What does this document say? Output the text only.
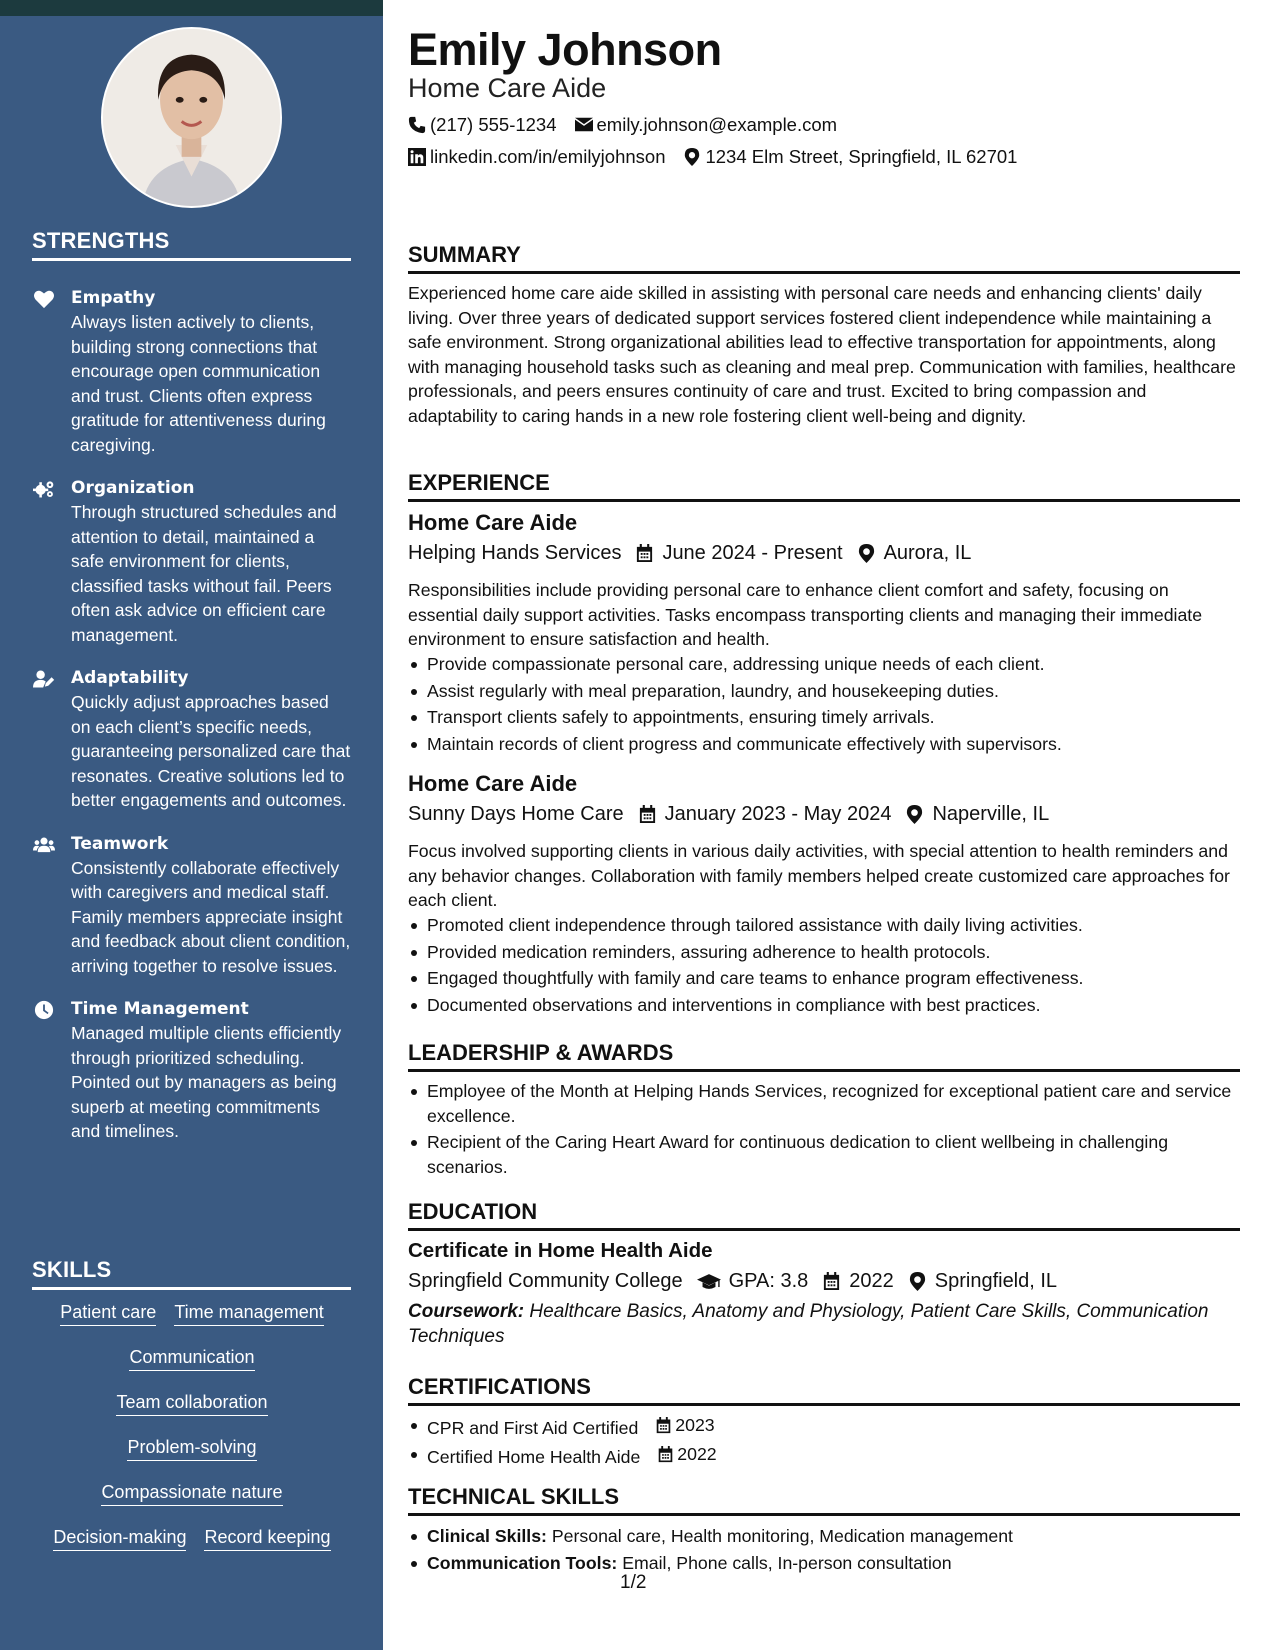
STRENGTHS
Empathy
Always listen actively to clients, building strong connections that encourage open communication and trust. Clients often express gratitude for attentiveness during caregiving.
Organization
Through structured schedules and attention to detail, maintained a safe environment for clients, classified tasks without fail. Peers often ask advice on efficient care management.
Adaptability
Quickly adjust approaches based on each client’s specific needs, guaranteeing personalized care that resonates. Creative solutions led to better engagements and outcomes.
Teamwork
Consistently collaborate effectively with caregivers and medical staff. Family members appreciate insight and feedback about client condition, arriving together to resolve issues.
Time Management
Managed multiple clients efficiently through prioritized scheduling. Pointed out by managers as being superb at meeting commitments and timelines.
SKILLS
Patient care Time management
Communication
Team collaboration
Problem-solving
Compassionate nature
Decision-making Record keeping
Emily Johnson
Home Care Aide
(217) 555-1234 emily.johnson@example.com
linkedin.com/in/emilyjohnson 1234 Elm Street, Springfield, IL 62701
SUMMARY
Experienced home care aide skilled in assisting with personal care needs and enhancing clients' daily living. Over three years of dedicated support services fostered client independence while maintaining a safe environment. Strong organizational abilities lead to effective transportation for appointments, along with managing household tasks such as cleaning and meal prep. Communication with families, healthcare professionals, and peers ensures continuity of care and trust. Excited to bring compassion and adaptability to caring hands in a new role fostering client well-being and dignity.
EXPERIENCE
Home Care Aide
Helping Hands Services June 2024 - Present Aurora, IL
Responsibilities include providing personal care to enhance client comfort and safety, focusing on essential daily support activities. Tasks encompass transporting clients and managing their immediate environment to ensure satisfaction and health.
Provide compassionate personal care, addressing unique needs of each client.
Assist regularly with meal preparation, laundry, and housekeeping duties.
Transport clients safely to appointments, ensuring timely arrivals.
Maintain records of client progress and communicate effectively with supervisors.
Home Care Aide
Sunny Days Home Care January 2023 - May 2024 Naperville, IL
Focus involved supporting clients in various daily activities, with special attention to health reminders and any behavior changes. Collaboration with family members helped create customized care approaches for each client.
Promoted client independence through tailored assistance with daily living activities.
Provided medication reminders, assuring adherence to health protocols.
Engaged thoughtfully with family and care teams to enhance program effectiveness.
Documented observations and interventions in compliance with best practices.
LEADERSHIP & AWARDS
Employee of the Month at Helping Hands Services, recognized for exceptional patient care and service excellence.
Recipient of the Caring Heart Award for continuous dedication to client wellbeing in challenging scenarios.
EDUCATION
Certificate in Home Health Aide
Springfield Community College GPA: 3.8 2022 Springfield, IL
Coursework: Healthcare Basics, Anatomy and Physiology, Patient Care Skills, Communication Techniques
CERTIFICATIONS
CPR and First Aid Certified 2023
Certified Home Health Aide 2022
TECHNICAL SKILLS
Clinical Skills: Personal care, Health monitoring, Medication management
Communication Tools: Email, Phone calls, In-person consultation
1/2
